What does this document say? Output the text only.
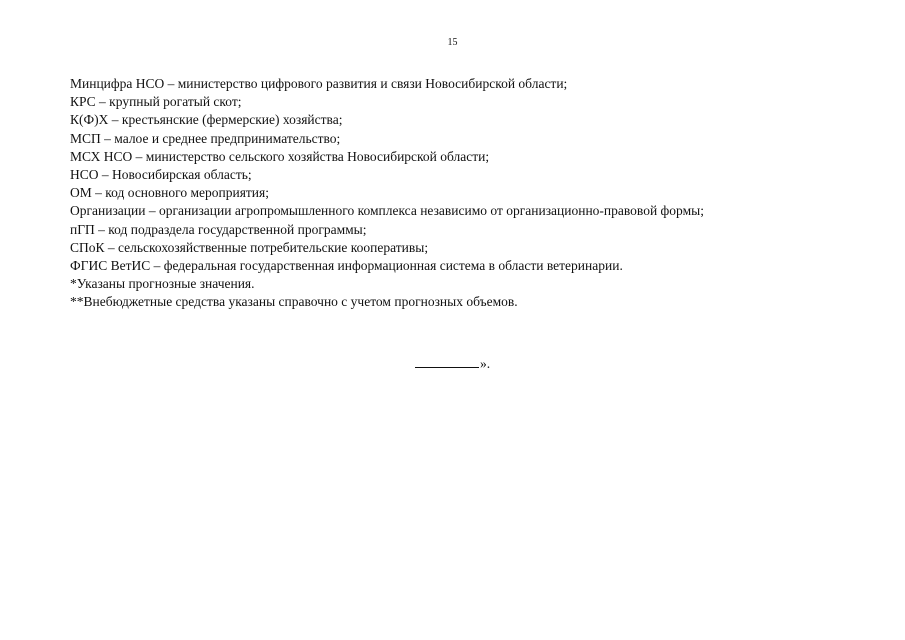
15
Минцифра НСО – министерство цифрового развития и связи Новосибирской области;
КРС – крупный рогатый скот;
К(Ф)Х – крестьянские (фермерские) хозяйства;
МСП – малое и среднее предпринимательство;
МСХ НСО – министерство сельского хозяйства Новосибирской области;
НСО – Новосибирская область;
ОМ – код основного мероприятия;
Организации – организации агропромышленного комплекса независимо от организационно-правовой формы;
пГП – код подраздела государственной программы;
СПоК – сельскохозяйственные потребительские кооперативы;
ФГИС ВетИС – федеральная государственная информационная система в области ветеринарии.
*Указаны прогнозные значения.
**Внебюджетные средства указаны справочно с учетом прогнозных объемов.
».
